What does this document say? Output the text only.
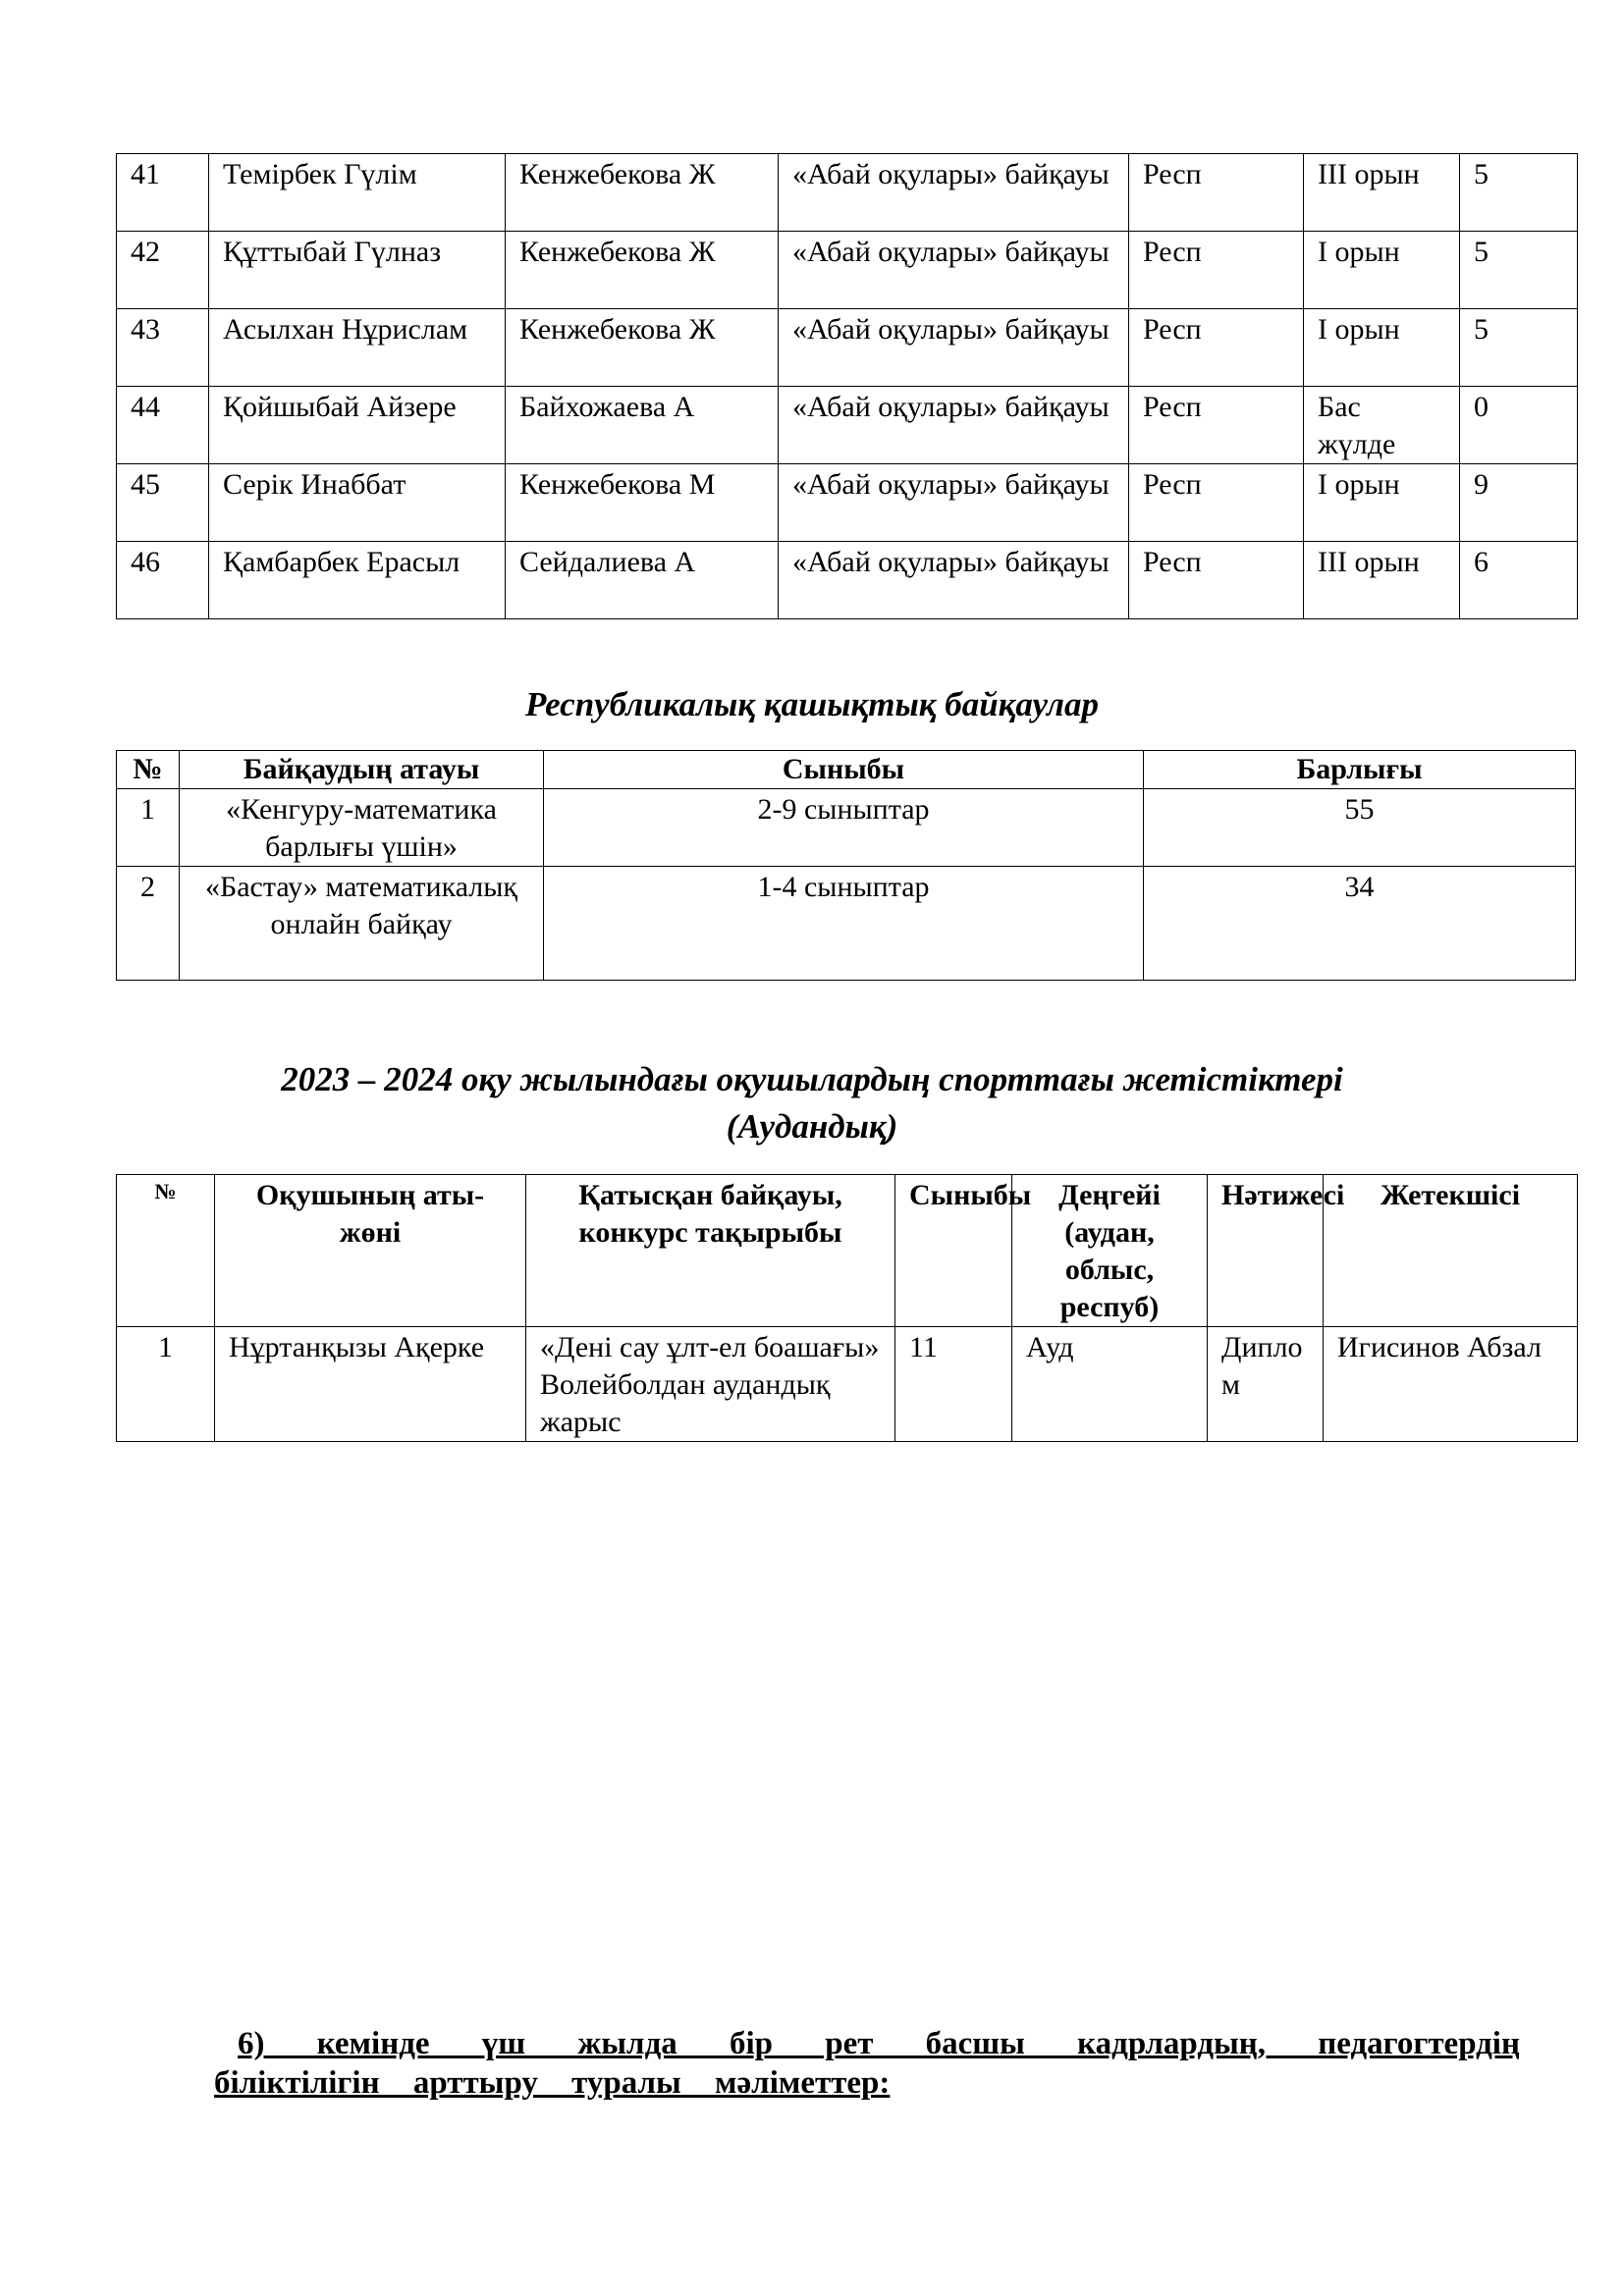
41	Темірбек Гүлім	Кенжебекова Ж	«Абай оқулары» байқауы	Респ	ІІІ орын	5
42	Құттыбай Гүлназ	Кенжебекова Ж	«Абай оқулары» байқауы	Респ	І орын	5
43	Асылхан Нұрислам	Кенжебекова Ж	«Абай оқулары» байқауы	Респ	І орын	5
44	Қойшыбай Айзере	Байхожаева А	«Абай оқулары» байқауы	Респ	Бас жүлде	0
45	Серік Инаббат	Кенжебекова М	«Абай оқулары» байқауы	Респ	І орын	9
46	Қамбарбек Ерасыл	Сейдалиева А	«Абай оқулары» байқауы	Респ	ІІІ орын	6
Республикалық қашықтық байқаулар
№	Байқаудың атауы	Сыныбы	Барлығы
1	«Кенгуру-математика барлығы үшін»	2-9 сыныптар	55
2	«Бастау» математикалық онлайн байқау	1-4 сыныптар	34
2023 – 2024 оқу жылындағы оқушылардың спорттағы жетістіктері
(Аудандық)
№	Оқушының аты-жөні	Қатысқан байқауы, конкурс тақырыбы	Сыныбы	Деңгейі (аудан, облыс, респуб)	Нәтижесі	Жетекшісі
1	Нұртанқызы Ақерке	«Дені сау ұлт-ел боашағы» Волейболдан аудандық жарыс	11	Ауд	Диплом	Игисинов Абзал
6) кемінде үш жылда бір рет басшы кадрлардың, педагогтердің біліктілігін арттыру туралы мәліметтер:
